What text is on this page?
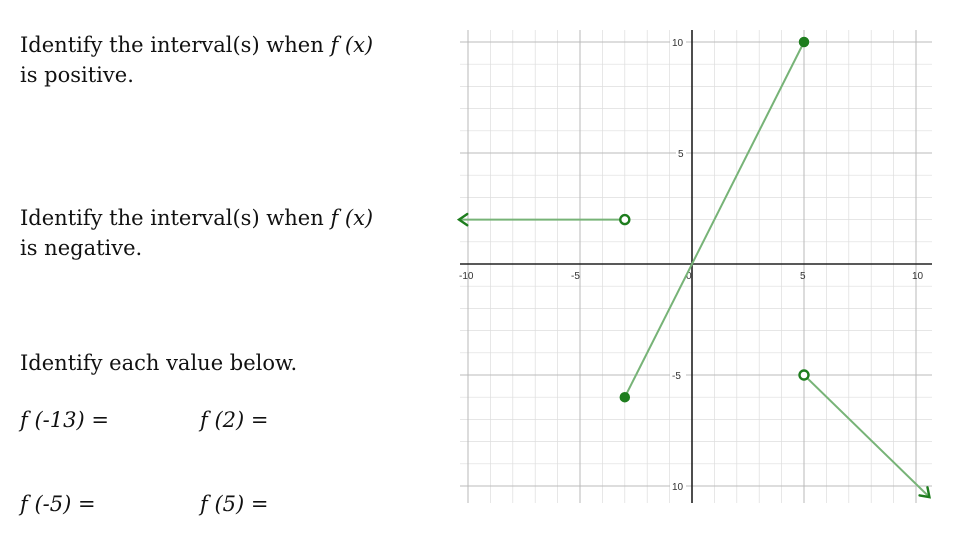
Identify the interval(s) when f (x)
is positive.
Identify the interval(s) when f (x)
is negative.
Identify each value below.
f (-13) =	f (2) =
f (-5) =	f (5) =
-10	-5	0	5	10
10
5
-5
10
